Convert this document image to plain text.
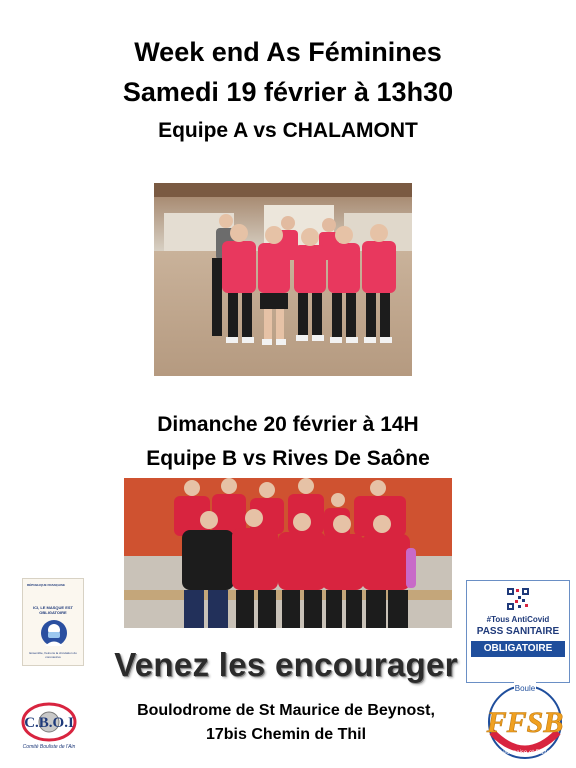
Week end As Féminines
Samedi 19 février à 13h30
Equipe A vs CHALAMONT
Dimanche 20 février à 14H
Equipe B vs Rives De Saône
RÉPUBLIQUE FRANÇAISE
ICI, LE MASQUE EST OBLIGATOIRE
Ensemble, freinons la circulation du coronavirus	Venez les encourager
#Tous AntiCovid
PASS SANITAIRE
OBLIGATOIRE
Boulodrome de St Maurice de Beynost,
17bis Chemin de Thil
C.B.O.I
Comité Bouliste de l'Ain
Boule
FFSB
Lyonnaise et Raffa
